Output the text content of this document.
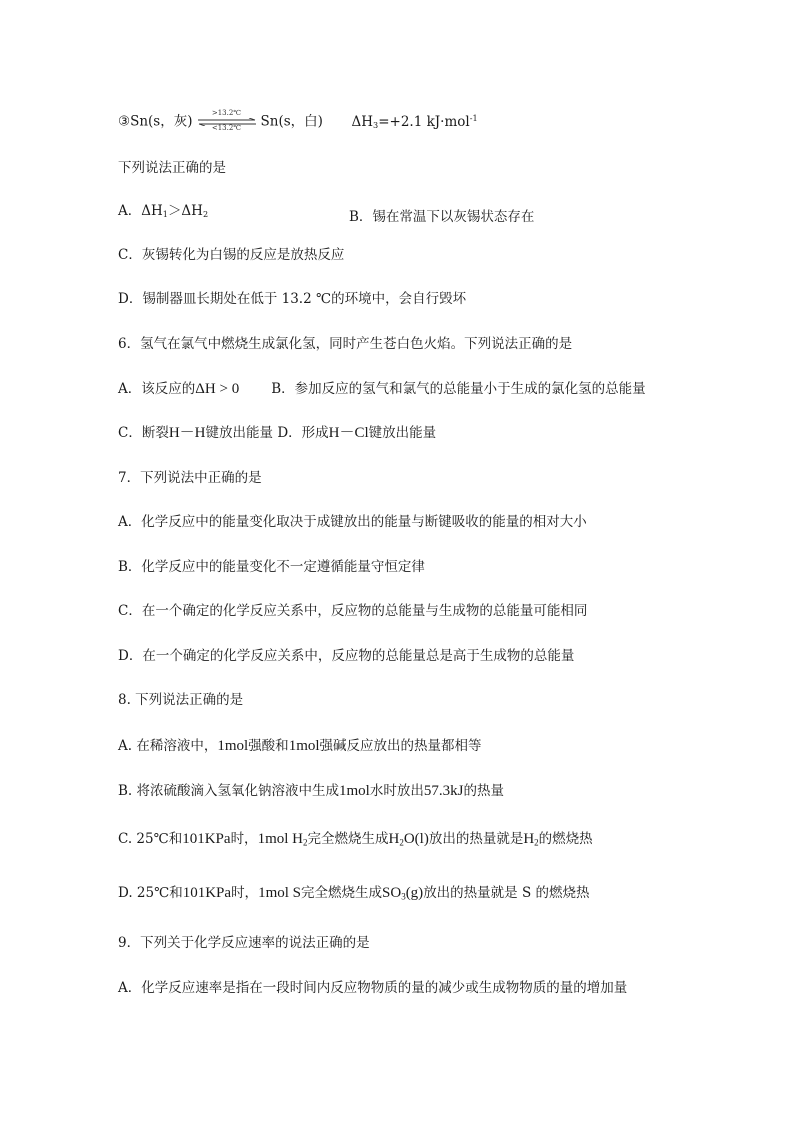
③Sn(s，灰)
>13.2℃
<13.2℃	Sn(s，白) $\Delta H_3=+2.1$ kJ·mol$^{-1}$
下列说法正确的是
A．$\Delta H_1>\Delta H_2$	B．锡在常温下以灰锡状态存在
C．灰锡转化为白锡的反应是放热反应
D．锡制器皿长期处在低于 13.2 ℃的环境中，会自行毁坏
6．氢气在氯气中燃烧生成氯化氢，同时产生苍白色火焰。下列说法正确的是
A．该反应的ΔH > 0 B．参加反应的氢气和氯气的总能量小于生成的氯化氢的总能量
C．断裂H－H键放出能量 D．形成H－Cl键放出能量
7．下列说法中正确的是
A．化学反应中的能量变化取决于成键放出的能量与断键吸收的能量的相对大小
B．化学反应中的能量变化不一定遵循能量守恒定律
C．在一个确定的化学反应关系中，反应物的总能量与生成物的总能量可能相同
D．在一个确定的化学反应关系中，反应物的总能量总是高于生成物的总能量
8. 下列说法正确的是
A. 在稀溶液中，1mol强酸和1mol强碱反应放出的热量都相等
B. 将浓硫酸滴入氢氧化钠溶液中生成1mol水时放出57.3kJ的热量
C. 25℃和101KPa时，1mol $H_2$完全燃烧生成$H_2O(l)$放出的热量就是$H_2$的燃烧热
D. 25℃和101KPa时，1mol S完全燃烧生成$SO_3(g)$放出的热量就是 S 的燃烧热
9．下列关于化学反应速率的说法正确的是
A．化学反应速率是指在一段时间内反应物物质的量的减少或生成物物质的量的增加量
